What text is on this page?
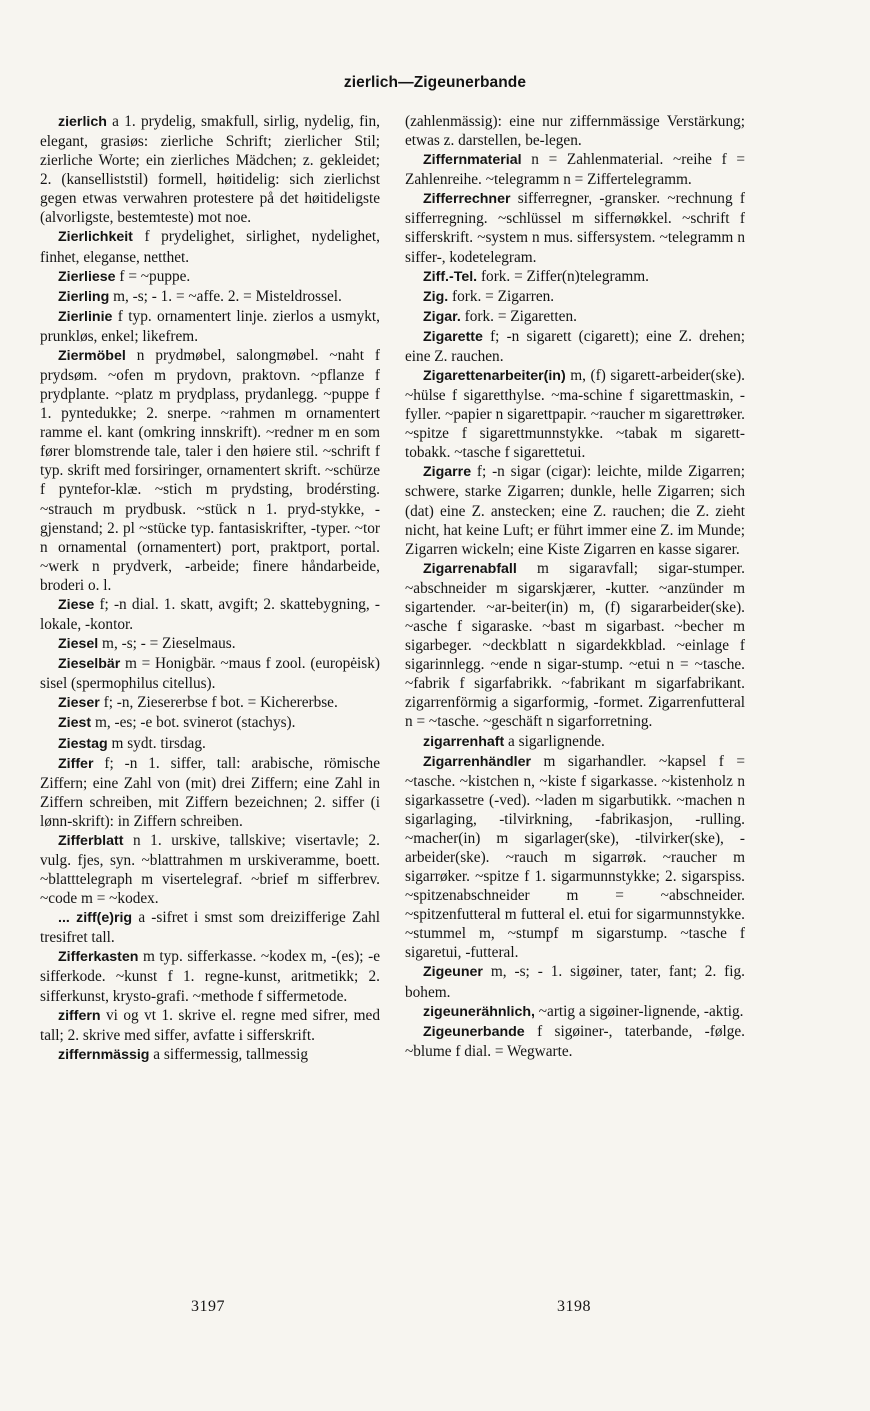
zierlich—Zigeunerbande

zierlich a 1. prydelig, smakfull, sirlig, nydelig, fin, elegant, grasiøs: zierliche Schrift; zierlicher Stil; zierliche Worte; ein zierliches Mädchen; z. gekleidet; 2. (kanselliststil) formell, høitidelig: sich zierlichst gegen etwas verwahren protestere på det høitideligste (alvorligste, bestemteste) mot noe.

Zierlichkeit f prydelighet, sirlighet, nydelighet, finhet, eleganse, netthet.

Zierliese f = ~puppe.

Zierling m, -s; - 1. = ~affe. 2. = Misteldrossel.

Zierlinie f typ. ornamentert linje. zierlos a usmykt, prunkløs, enkel; likefrem.

Ziermöbel n prydmøbel, salongmøbel. ~naht f prydsøm. ~ofen m prydovn, praktovn. ~pflanze f prydplante. ~platz m prydplass, prydanlegg. ~puppe f 1. pyntedukke; 2. snerpe. ~rahmen m ornamentert ramme el. kant (omkring innskrift). ~redner m en som fører blomstrende tale, taler i den høiere stil. ~schrift f typ. skrift med forsiringer, ornamentert skrift. ~schürze f pyntefor-klæ. ~stich m prydsting, brodérsting. ~strauch m prydbusk. ~stück n 1. pryd-stykke, -gjenstand; 2. pl ~stücke typ. fantasiskrifter, -typer. ~tor n ornamental (ornamentert) port, praktport, portal. ~werk n prydverk, -arbeide; finere håndarbeide, broderi o. l.

Ziese f; -n dial. 1. skatt, avgift; 2. skattebygning, -lokale, -kontor.

Ziesel m, -s; - = Zieselmaus.

Zieselbär m = Honigbär. ~maus f zool. (europėisk) sisel (spermophilus citellus).

Zieser f; -n, Ziesererbse f bot. = Kichererbse.

Ziest m, -es; -e bot. svinerot (stachys).

Ziestag m sydt. tirsdag.

Ziffer f; -n 1. siffer, tall: arabische, römische Ziffern; eine Zahl von (mit) drei Ziffern; eine Zahl in Ziffern schreiben, mit Ziffern bezeichnen; 2. siffer (i lønn-skrift): in Ziffern schreiben.

Zifferblatt n 1. urskive, tallskive; visertavle; 2. vulg. fjes, syn. ~blattrahmen m urskiveramme, boett. ~blatttelegraph m visertelegraf. ~brief m sifferbrev. ~code m = ~kodex.

... ziff(e)rig a -sifret i smst som dreizifferige Zahl tresifret tall.

Zifferkasten m typ. sifferkasse. ~kodex m, -(es); -e sifferkode. ~kunst f 1. regne-kunst, aritmetikk; 2. sifferkunst, krysto-grafi. ~methode f siffermetode.

ziffern vi og vt 1. skrive el. regne med sifrer, med tall; 2. skrive med siffer, avfatte i sifferskrift.

ziffernmässig a siffermessig, tallmessig

(zahlenmässig): eine nur ziffernmässige Verstärkung; etwas z. darstellen, be-legen.

Ziffernmaterial n = Zahlenmaterial. ~reihe f = Zahlenreihe. ~telegramm n = Ziffertelegramm.

Zifferrechner sifferregner, -gransker. ~rechnung f sifferregning. ~schlüssel m siffernøkkel. ~schrift f sifferskrift. ~system n mus. siffersystem. ~telegramm n siffer-, kodetelegram.

Ziff.-Tel. fork. = Ziffer(n)telegramm.

Zig. fork. = Zigarren.

Zigar. fork. = Zigaretten.

Zigarette f; -n sigarett (cigarett); eine Z. drehen; eine Z. rauchen.

Zigarettenarbeiter(in) m, (f) sigarett-arbeider(ske). ~hülse f sigaretthylse. ~ma-schine f sigarettmaskin, -fyller. ~papier n sigarettpapir. ~raucher m sigarettrøker. ~spitze f sigarettmunnstykke. ~tabak m sigarett-tobakk. ~tasche f sigarettetui.

Zigarre f; -n sigar (cigar): leichte, milde Zigarren; schwere, starke Zigarren; dunkle, helle Zigarren; sich (dat) eine Z. anstecken; eine Z. rauchen; die Z. zieht nicht, hat keine Luft; er führt immer eine Z. im Munde; Zigarren wickeln; eine Kiste Zigarren en kasse sigarer.

Zigarrenabfall m sigaravfall; sigar-stumper. ~abschneider m sigarskjærer, -kutter. ~anzünder m sigartender. ~ar-beiter(in) m, (f) sigararbeider(ske). ~asche f sigaraske. ~bast m sigarbast. ~becher m sigarbeger. ~deckblatt n sigardekkblad. ~einlage f sigarinnlegg. ~ende n sigar-stump. ~etui n = ~tasche. ~fabrik f sigarfabrikk. ~fabrikant m sigarfabrikant. zigarrenförmig a sigarformig, -formet. Zigarrenfutteral n = ~tasche. ~geschäft n sigarforretning.

zigarrenhaft a sigarlignende.

Zigarrenhändler m sigarhandler. ~kapsel f = ~tasche. ~kistchen n, ~kiste f sigarkasse. ~kistenholz n sigarkassetre (-ved). ~laden m sigarbutikk. ~machen n sigarlaging, -tilvirkning, -fabrikasjon, -rulling. ~macher(in) m sigarlager(ske), -tilvirker(ske), -arbeider(ske). ~rauch m sigarrøk. ~raucher m sigarrøker. ~spitze f 1. sigarmunnstykke; 2. sigarspiss. ~spitzenabschneider m = ~abschneider. ~spitzenfutteral m futteral el. etui for sigarmunnstykke. ~stummel m, ~stumpf m sigarstump. ~tasche f sigaretui, -futteral.

Zigeuner m, -s; - 1. sigøiner, tater, fant; 2. fig. bohem.

zigeunerähnlich, ~artig a sigøiner-lignende, -aktig.

Zigeunerbande f sigøiner-, taterbande, -følge. ~blume f dial. = Wegwarte.

3197	3198
